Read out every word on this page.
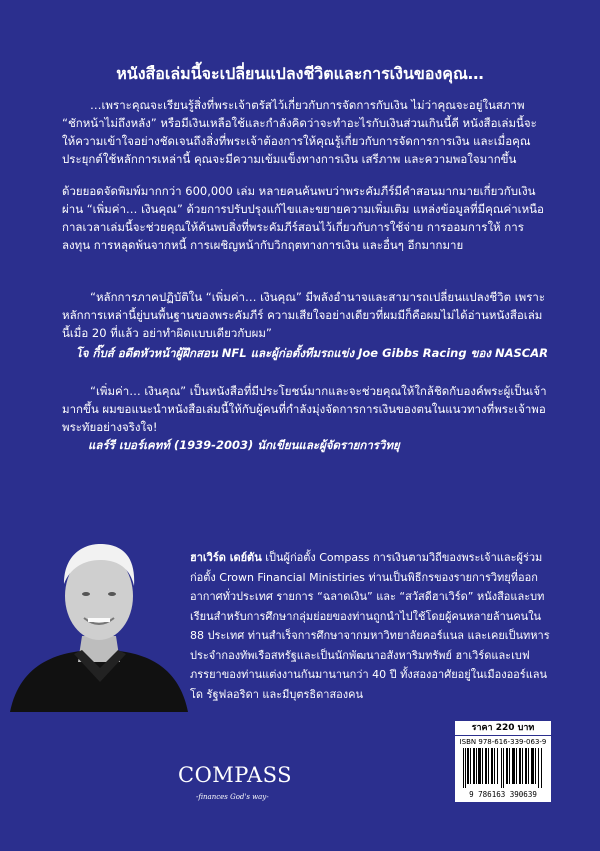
หนังสือเล่มนี้จะเปลี่ยนแปลงชีวิตและการเงินของคุณ…

…เพราะคุณจะเรียนรู้สิ่งที่พระเจ้าตรัสไว้เกี่ยวกับการจัดการกับเงิน ไม่ว่าคุณจะอยู่ในสภาพ “ชักหน้าไม่ถึงหลัง” หรือมีเงินเหลือใช้และกำลังคิดว่าจะทำอะไรกับเงินส่วนเกินนี้ดี หนังสือเล่มนี้จะให้ความเข้าใจอย่างชัดเจนถึงสิ่งที่พระเจ้าต้องการให้คุณรู้เกี่ยวกับการจัดการการเงิน และเมื่อคุณประยุกต์ใช้หลักการเหล่านี้ คุณจะมีความเข้มแข็งทางการเงิน เสรีภาพ และความพอใจมากขึ้น

ด้วยยอดจัดพิมพ์มากกว่า 600,000 เล่ม หลายคนค้นพบว่าพระคัมภีร์มีคำสอนมากมายเกี่ยวกับเงินผ่าน “เพิ่มค่า… เงินคุณ” ด้วยการปรับปรุงแก้ไขและขยายความเพิ่มเติม แหล่งข้อมูลที่มีคุณค่าเหนือกาลเวลาเล่มนี้จะช่วยคุณให้ค้นพบสิ่งที่พระคัมภีร์สอนไว้เกี่ยวกับการใช้จ่าย การออมการให้ การลงทุน การหลุดพ้นจากหนี้ การเผชิญหน้ากับวิกฤตทางการเงิน และอื่นๆ อีกมากมาย

“หลักการภาคปฏิบัติใน “เพิ่มค่า… เงินคุณ” มีพลังอำนาจและสามารถเปลี่ยนแปลงชีวิต เพราะหลักการเหล่านี้ยู่บนพื้นฐานของพระคัมภีร์ ความเสียใจอย่างเดียวที่ผมมีก็คือผมไม่ได้อ่านหนังสือเล่มนี้เมื่อ 20 ที่แล้ว อย่าทำผิดแบบเดียวกับผม”

โจ กิ๊บส์ อดีตหัวหน้าผู้ฝึกสอน NFL และผู้ก่อตั้งทีมรถแข่ง Joe Gibbs Racing ของ NASCAR

“เพิ่มค่า… เงินคุณ” เป็นหนังสือที่มีประโยชน์มากและจะช่วยคุณให้ใกล้ชิดกับองค์พระผู้เป็นเจ้ามากขึ้น ผมขอแนะนำหนังสือเล่มนี้ให้กับผู้คนที่กำลังมุ่งจัดการการเงินของตนในแนวทางที่พระเจ้าพอพระทัยอย่างจริงใจ!

แลร์รี เบอร์เคทท์ (1939-2003) นักเขียนและผู้จัดรายการวิทยุ

ฮาเวิร์ด เดย์ตัน เป็นผู้ก่อตั้ง Compass การเงินตามวิถีของพระเจ้าและผู้ร่วมก่อตั้ง Crown Financial Ministiries ท่านเป็นพิธีกรของรายการวิทยุที่ออกอากาศทั่วประเทศ รายการ “ฉลาดเงิน” และ “สวัสดีฮาเวิร์ด” หนังสือและบทเรียนสำหรับการศึกษากลุ่มย่อยของท่านถูกนำไปใช้โดยผู้คนหลายล้านคนใน 88 ประเทศ ท่านสำเร็จการศึกษาจากมหาวิทยาลัยคอร์แนล และเคยเป็นทหารประจำกองทัพเรือสหรัฐและเป็นนักพัฒนาอสังหาริมทรัพย์ ฮาเวิร์ดและเบฟภรรยาของท่านแต่งงานกันมานานกว่า 40 ปี ทั้งสองอาศัยอยู่ในเมืองออร์แลนโด รัฐฟลอริดา และมีบุตรธิดาสองคน

ราคา 220 บาท
ISBN 978-616-339-063-9
9 786163 390639
COMPASS
-finances God's way-
